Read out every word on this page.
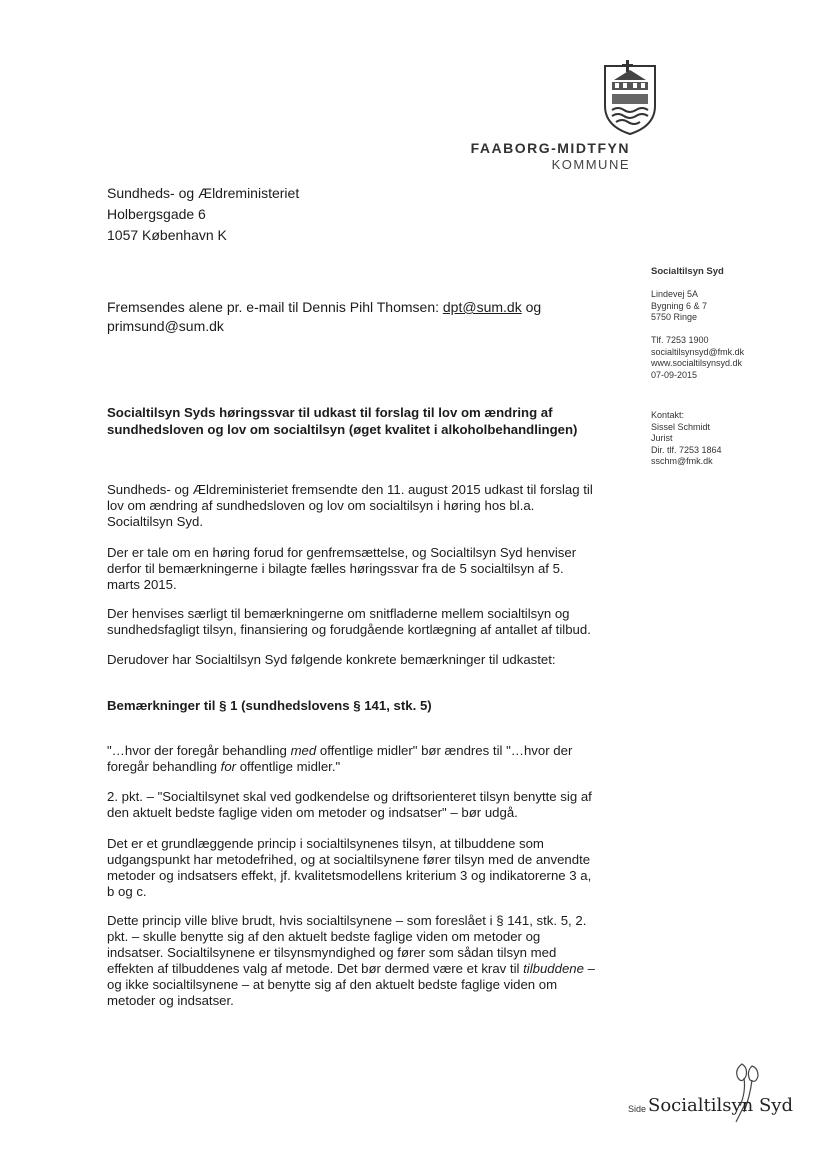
FAABORG-MIDTFYN
KOMMUNE
Sundheds- og Ældreministeriet
Holbergsgade 6
1057 København K
Fremsendes alene pr. e-mail til Dennis Pihl Thomsen: dpt@sum.dk og
primsund@sum.dk
Socialtilsyn Syd
Lindevej 5A
Bygning 6 & 7
5750 Ringe
Tlf. 7253 1900
socialtilsynsyd@fmk.dk
www.socialtilsynsyd.dk
07-09-2015
Kontakt:
Sissel Schmidt
Jurist
Dir. tlf. 7253 1864
sschm@fmk.dk
Socialtilsyn Syds høringssvar til udkast til forslag til lov om ændring af sundhedsloven og lov om socialtilsyn (øget kvalitet i alkoholbehandlingen)
Sundheds- og Ældreministeriet fremsendte den 11. august 2015 udkast til forslag til lov om ændring af sundhedsloven og lov om socialtilsyn i høring hos bl.a. Socialtilsyn Syd.
Der er tale om en høring forud for genfremsættelse, og Socialtilsyn Syd henviser derfor til bemærkningerne i bilagte fælles høringssvar fra de 5 socialtilsyn af 5. marts 2015.
Der henvises særligt til bemærkningerne om snitfladerne mellem socialtilsyn og sundhedsfagligt tilsyn, finansiering og forudgående kortlægning af antallet af tilbud.
Derudover har Socialtilsyn Syd følgende konkrete bemærkninger til udkastet:
Bemærkninger til § 1 (sundhedslovens § 141, stk. 5)
"…hvor der foregår behandling med offentlige midler" bør ændres til "…hvor der foregår behandling for offentlige midler."
2. pkt. – "Socialtilsynet skal ved godkendelse og driftsorienteret tilsyn benytte sig af den aktuelt bedste faglige viden om metoder og indsatser" – bør udgå.
Det er et grundlæggende princip i socialtilsynenes tilsyn, at tilbuddene som udgangspunkt har metodefrihed, og at socialtilsynene fører tilsyn med de anvendte metoder og indsatsers effekt, jf. kvalitetsmodellens kriterium 3 og indikatorerne 3 a, b og c.
Dette princip ville blive brudt, hvis socialtilsynene – som foreslået i § 141, stk. 5, 2. pkt. – skulle benytte sig af den aktuelt bedste faglige viden om metoder og indsatser. Socialtilsynene er tilsynsmyndighed og fører som sådan tilsyn med effekten af tilbuddenes valg af metode. Det bør dermed være et krav til tilbuddene – og ikke socialtilsynene – at benytte sig af den aktuelt bedste faglige viden om metoder og indsatser.
Side Socialtilsyn Syd
